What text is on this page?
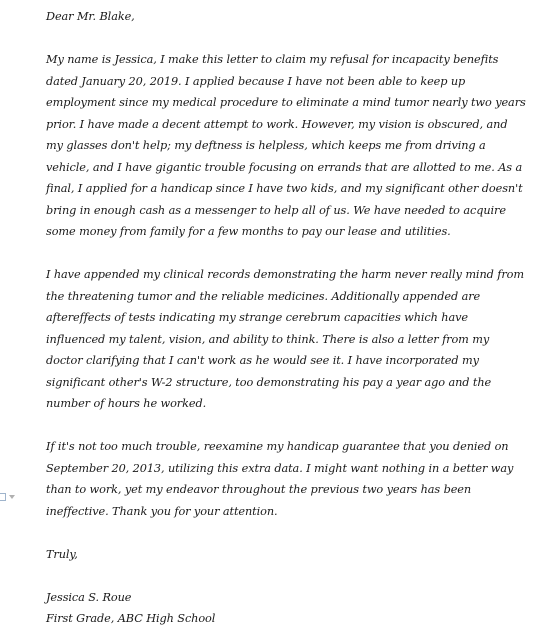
Dear Mr. Blake,

My name is Jessica, I make this letter to claim my refusal for incapacity benefits dated January 20, 2019. I applied because I have not been able to keep up employment since my medical procedure to eliminate a mind tumor nearly two years prior. I have made a decent attempt to work. However, my vision is obscured, and my glasses don't help; my deftness is helpless, which keeps me from driving a vehicle, and I have gigantic trouble focusing on errands that are allotted to me. As a final, I applied for a handicap since I have two kids, and my significant other doesn't bring in enough cash as a messenger to help all of us. We have needed to acquire some money from family for a few months to pay our lease and utilities.

I have appended my clinical records demonstrating the harm never really mind from the threatening tumor and the reliable medicines. Additionally appended are aftereffects of tests indicating my strange cerebrum capacities which have influenced my talent, vision, and ability to think. There is also a letter from my doctor clarifying that I can't work as he would see it. I have incorporated my significant other's W-2 structure, too demonstrating his pay a year ago and the number of hours he worked.

If it's not too much trouble, reexamine my handicap guarantee that you denied on September 20, 2013, utilizing this extra data. I might want nothing in a better way than to work, yet my endeavor throughout the previous two years has been ineffective. Thank you for your attention.

Truly,

Jessica S. Roue

First Grade, ABC High School
